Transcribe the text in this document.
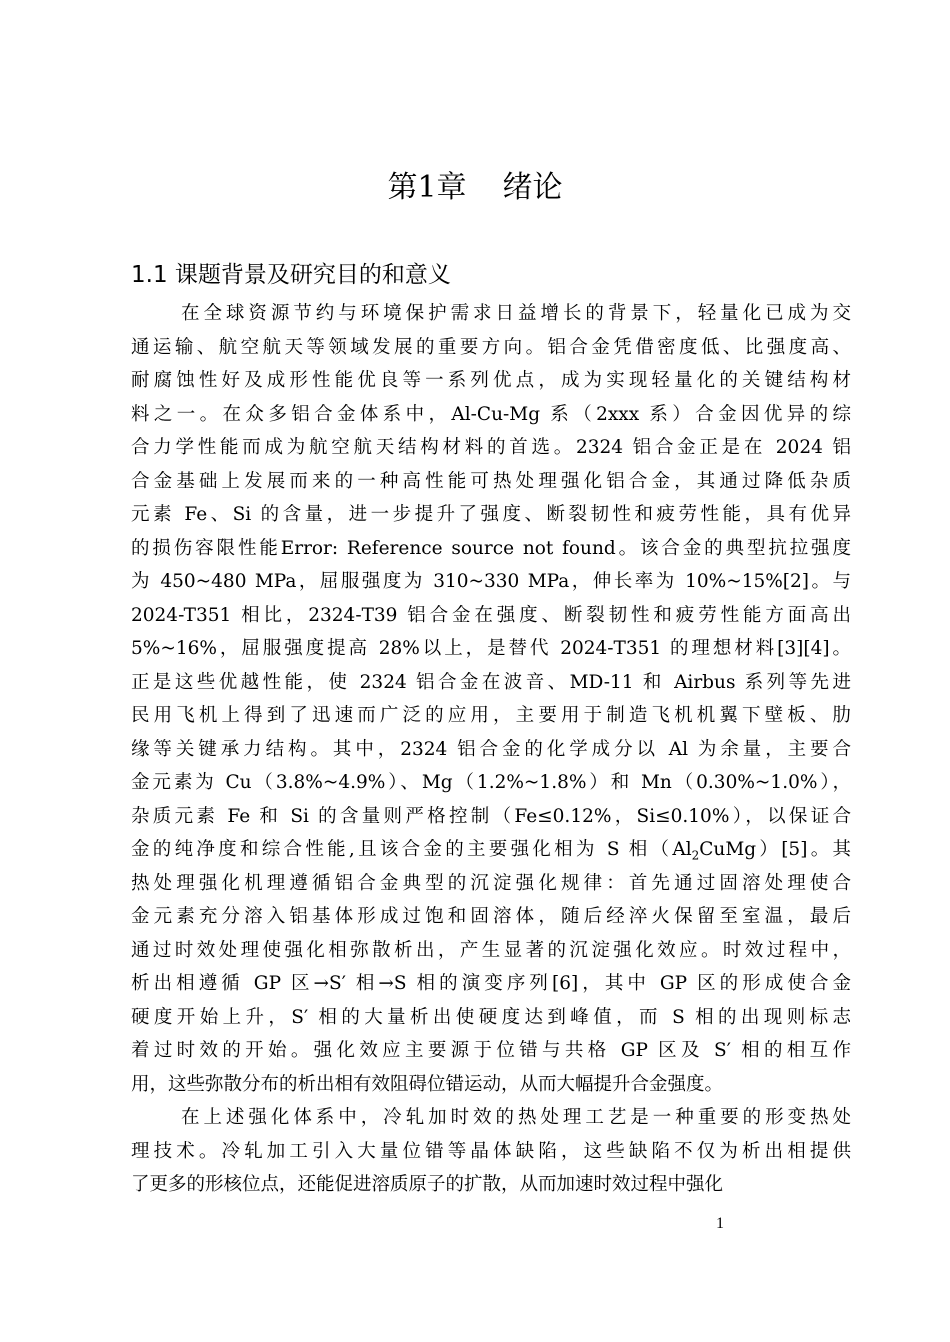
第1章 绪论
1.1 课题背景及研究目的和意义
在全球资源节约与环境保护需求日益增长的背景下，轻量化已成为交
通运输、航空航天等领域发展的重要方向。铝合金凭借密度低、比强度高、
耐腐蚀性好及成形性能优良等一系列优点，成为实现轻量化的关键结构材
料之一。在众多铝合金体系中，Al-Cu-Mg 系（2xxx 系）合金因优异的综
合力学性能而成为航空航天结构材料的首选。2324 铝合金正是在 2024 铝
合金基础上发展而来的一种高性能可热处理强化铝合金，其通过降低杂质
元素 Fe、Si 的含量，进一步提升了强度、断裂韧性和疲劳性能，具有优异
的损伤容限性能Error: Reference source not found。该合金的典型抗拉强度
为 450~480 MPa，屈服强度为 310~330 MPa，伸长率为 10%~15%[2]。与
2024-T351 相比，2324-T39 铝合金在强度、断裂韧性和疲劳性能方面高出
5%~16%，屈服强度提高 28%以上，是替代 2024-T351 的理想材料[3][4]。
正是这些优越性能，使 2324 铝合金在波音、MD-11 和 Airbus 系列等先进
民用飞机上得到了迅速而广泛的应用，主要用于制造飞机机翼下壁板、肋
缘等关键承力结构。其中，2324 铝合金的化学成分以 Al 为余量，主要合
金元素为 Cu（3.8%~4.9%）、Mg（1.2%~1.8%）和 Mn（0.30%~1.0%），
杂质元素 Fe 和 Si 的含量则严格控制（Fe≤0.12%，Si≤0.10%），以保证合
金的纯净度和综合性能,且该合金的主要强化相为 S 相$(Al_2CuMg)[5]$。其
热处理强化机理遵循铝合金典型的沉淀强化规律：首先通过固溶处理使合
金元素充分溶入铝基体形成过饱和固溶体，随后经淬火保留至室温，最后
通过时效处理使强化相弥散析出，产生显著的沉淀强化效应。时效过程中，
析出相遵循 GP 区→S′ 相→S 相的演变序列[6]，其中 GP 区的形成使合金
硬度开始上升，S′ 相的大量析出使硬度达到峰值，而 S 相的出现则标志
着过时效的开始。强化效应主要源于位错与共格 GP 区及 S′ 相的相互作
用，这些弥散分布的析出相有效阻碍位错运动，从而大幅提升合金强度。
在上述强化体系中，冷轧加时效的热处理工艺是一种重要的形变热处
理技术。冷轧加工引入大量位错等晶体缺陷，这些缺陷不仅为析出相提供
了更多的形核位点，还能促进溶质原子的扩散，从而加速时效过程中强化
1
